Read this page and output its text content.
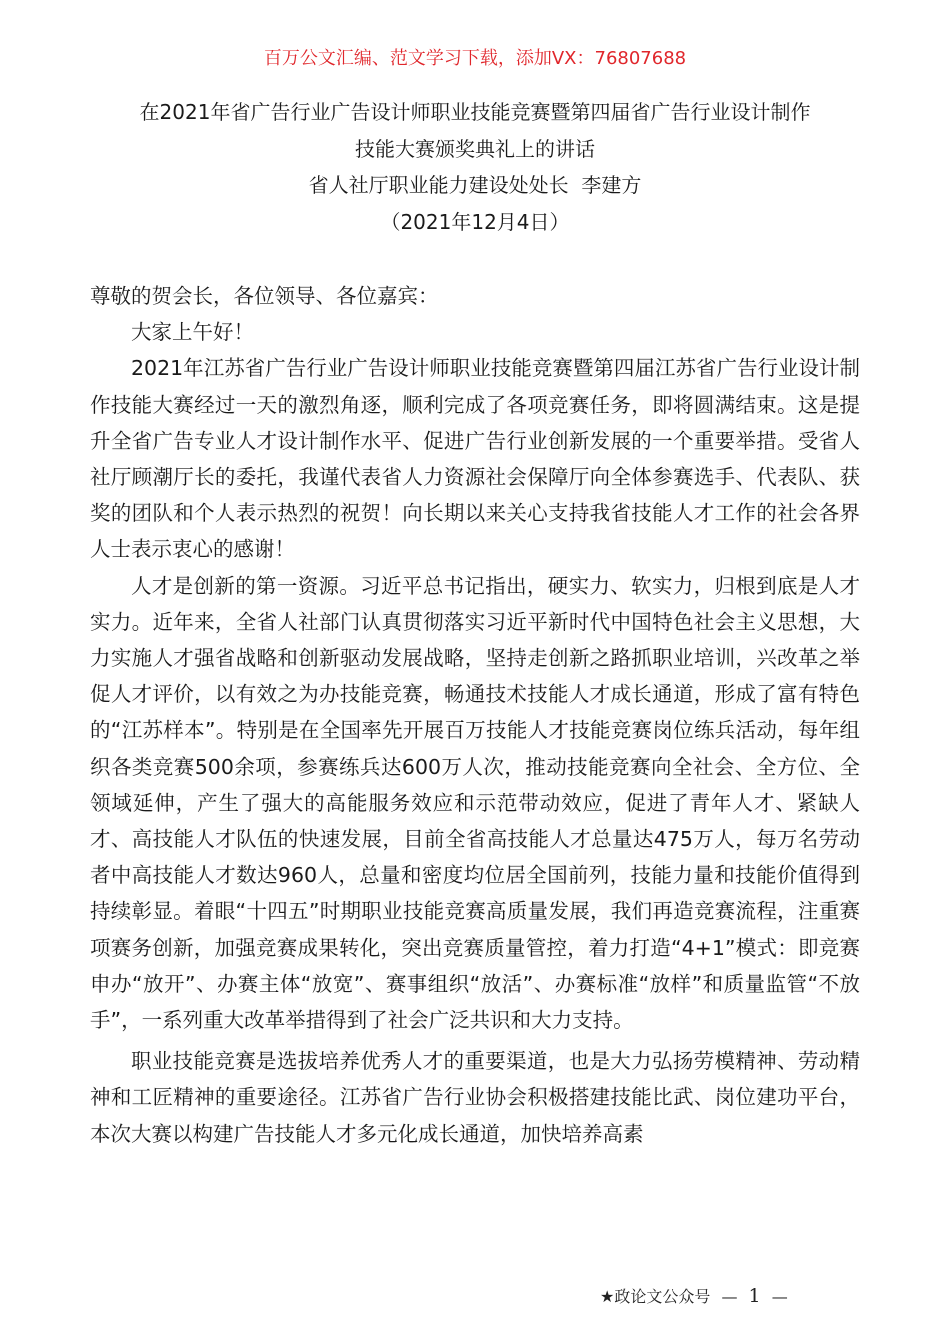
百万公文汇编、范文学习下载，添加VX：76807688
在2021年省广告行业广告设计师职业技能竞赛暨第四届省广告行业设计制作
技能大赛颁奖典礼上的讲话
省人社厅职业能力建设处处长  李建方
（2021年12月4日）

尊敬的贺会长，各位领导、各位嘉宾：

大家上午好！

2021年江苏省广告行业广告设计师职业技能竞赛暨第四届江苏省广告行业设计制作技能大赛经过一天的激烈角逐，顺利完成了各项竞赛任务，即将圆满结束。这是提升全省广告专业人才设计制作水平、促进广告行业创新发展的一个重要举措。受省人社厅顾潮厅长的委托，我谨代表省人力资源社会保障厅向全体参赛选手、代表队、获奖的团队和个人表示热烈的祝贺！向长期以来关心支持我省技能人才工作的社会各界人士表示衷心的感谢！

人才是创新的第一资源。习近平总书记指出，硬实力、软实力，归根到底是人才实力。近年来，全省人社部门认真贯彻落实习近平新时代中国特色社会主义思想，大力实施人才强省战略和创新驱动发展战略，坚持走创新之路抓职业培训，兴改革之举促人才评价，以有效之为办技能竞赛，畅通技术技能人才成长通道，形成了富有特色的“江苏样本”。特别是在全国率先开展百万技能人才技能竞赛岗位练兵活动，每年组织各类竞赛500余项，参赛练兵达600万人次，推动技能竞赛向全社会、全方位、全领域延伸，产生了强大的高能服务效应和示范带动效应，促进了青年人才、紧缺人才、高技能人才队伍的快速发展，目前全省高技能人才总量达475万人，每万名劳动者中高技能人才数达960人，总量和密度均位居全国前列，技能力量和技能价值得到持续彰显。着眼“十四五”时期职业技能竞赛高质量发展，我们再造竞赛流程，注重赛项赛务创新，加强竞赛成果转化，突出竞赛质量管控，着力打造“4+1”模式：即竞赛申办“放开”、办赛主体“放宽”、赛事组织“放活”、办赛标准“放样”和质量监管“不放手”，一系列重大改革举措得到了社会广泛共识和大力支持。

职业技能竞赛是选拔培养优秀人才的重要渠道，也是大力弘扬劳模精神、劳动精神和工匠精神的重要途径。江苏省广告行业协会积极搭建技能比武、岗位建功平台，本次大赛以构建广告技能人才多元化成长通道，加快培养高素

★政论文公众号 — 1 —
